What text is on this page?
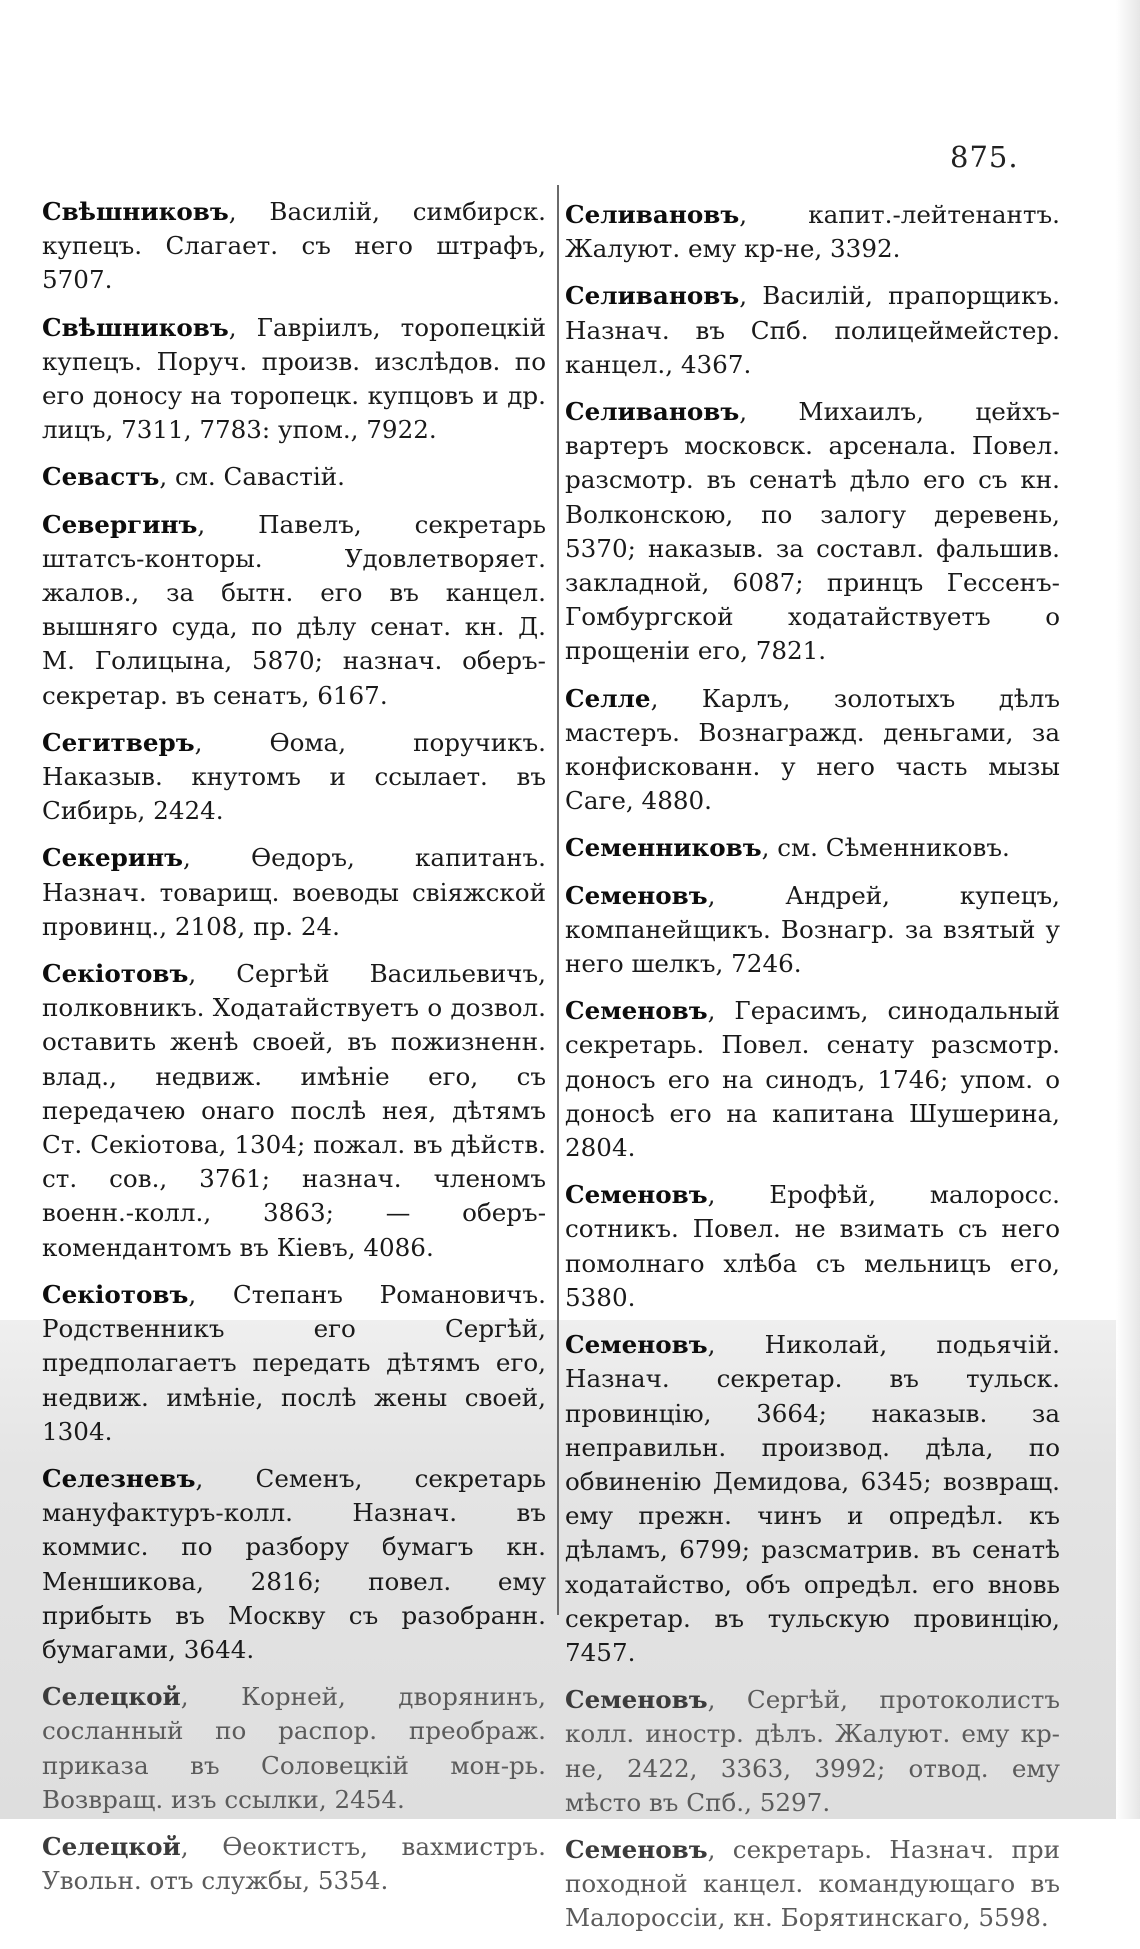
875.

Свѣшниковъ, Василій, симбирск. купецъ. Слагает. съ него штрафъ, 5707.

Свѣшниковъ, Гавріилъ, торопецкій купецъ. Поруч. произв. изслѣдов. по его доносу на торопецк. купцовъ и др. лицъ, 7311, 7783: упом., 7922.

Севастъ, см. Савастій.

Севергинъ, Павелъ, секретарь штатсъ-конторы. Удовлетворяет. жалов., за бытн. его въ канцел. вышняго суда, по дѣлу сенат. кн. Д. М. Голицына, 5870; назнач. оберъ-секретар. въ сенатъ, 6167.

Сегитверъ, Ѳома, поручикъ. Наказыв. кнутомъ и ссылает. въ Сибирь, 2424.

Секеринъ, Ѳедоръ, капитанъ. Назнач. товарищ. воеводы свіяжской провинц., 2108, пр. 24.

Секіотовъ, Сергѣй Васильевичъ, полковникъ. Ходатайствуетъ о дозвол. оставить женѣ своей, въ пожизненн. влад., недвиж. имѣніе его, съ передачею онаго послѣ нея, дѣтямъ Ст. Секіотова, 1304; пожал. въ дѣйств. ст. сов., 3761; назнач. членомъ военн.-колл., 3863; — оберъ-комендантомъ въ Кіевъ, 4086.

Секіотовъ, Степанъ Романовичъ. Родственникъ его Сергѣй, предполагаетъ передать дѣтямъ его, недвиж. имѣніе, послѣ жены своей, 1304.

Селезневъ, Семенъ, секретарь мануфактуръ-колл. Назнач. въ коммис. по разбору бумагъ кн. Меншикова, 2816; повел. ему прибыть въ Москву съ разобранн. бумагами, 3644.

Селецкой, Корней, дворянинъ, сосланный по распор. преображ. приказа въ Соловецкій мон-рь. Возвращ. изъ ссылки, 2454.

Селецкой, Ѳеоктистъ, вахмистръ. Увольн. отъ службы, 5354.

Селивановъ, капит.-лейтенантъ. Жалуют. ему кр-не, 3392.

Селивановъ, Василій, прапорщикъ. Назнач. въ Спб. полицеймейстер. канцел., 4367.

Селивановъ, Михаилъ, цейхъ-вартеръ московск. арсенала. Повел. разсмотр. въ сенатѣ дѣло его съ кн. Волконскою, по залогу деревень, 5370; наказыв. за составл. фальшив. закладной, 6087; принцъ Гессенъ-Гомбургской ходатайствуетъ о прощеніи его, 7821.

Селле, Карлъ, золотыхъ дѣлъ мастеръ. Вознагражд. деньгами, за конфискованн. у него часть мызы Саге, 4880.

Семенниковъ, см. Сѣменниковъ.

Семеновъ, Андрей, купецъ, компанейщикъ. Вознагр. за взятый у него шелкъ, 7246.

Семеновъ, Герасимъ, синодальный секретарь. Повел. сенату разсмотр. доносъ его на синодъ, 1746; упом. о доносѣ его на капитана Шушерина, 2804.

Семеновъ, Ерофѣй, малоросс. сотникъ. Повел. не взимать съ него помолнаго хлѣба съ мельницъ его, 5380.

Семеновъ, Николай, подьячій. Назнач. секретар. въ тульск. провинцію, 3664; наказыв. за неправильн. производ. дѣла, по обвиненію Демидова, 6345; возвращ. ему прежн. чинъ и опредѣл. къ дѣламъ, 6799; разсматрив. въ сенатѣ ходатайство, объ опредѣл. его вновь секретар. въ тульскую провинцію, 7457.

Семеновъ, Сергѣй, протоколистъ колл. иностр. дѣлъ. Жалуют. ему кр-не, 2422, 3363, 3992; отвод. ему мѣсто въ Спб., 5297.

Семеновъ, секретарь. Назнач. при походной канцел. командующаго въ Малороссіи, кн. Борятинскаго, 5598.
